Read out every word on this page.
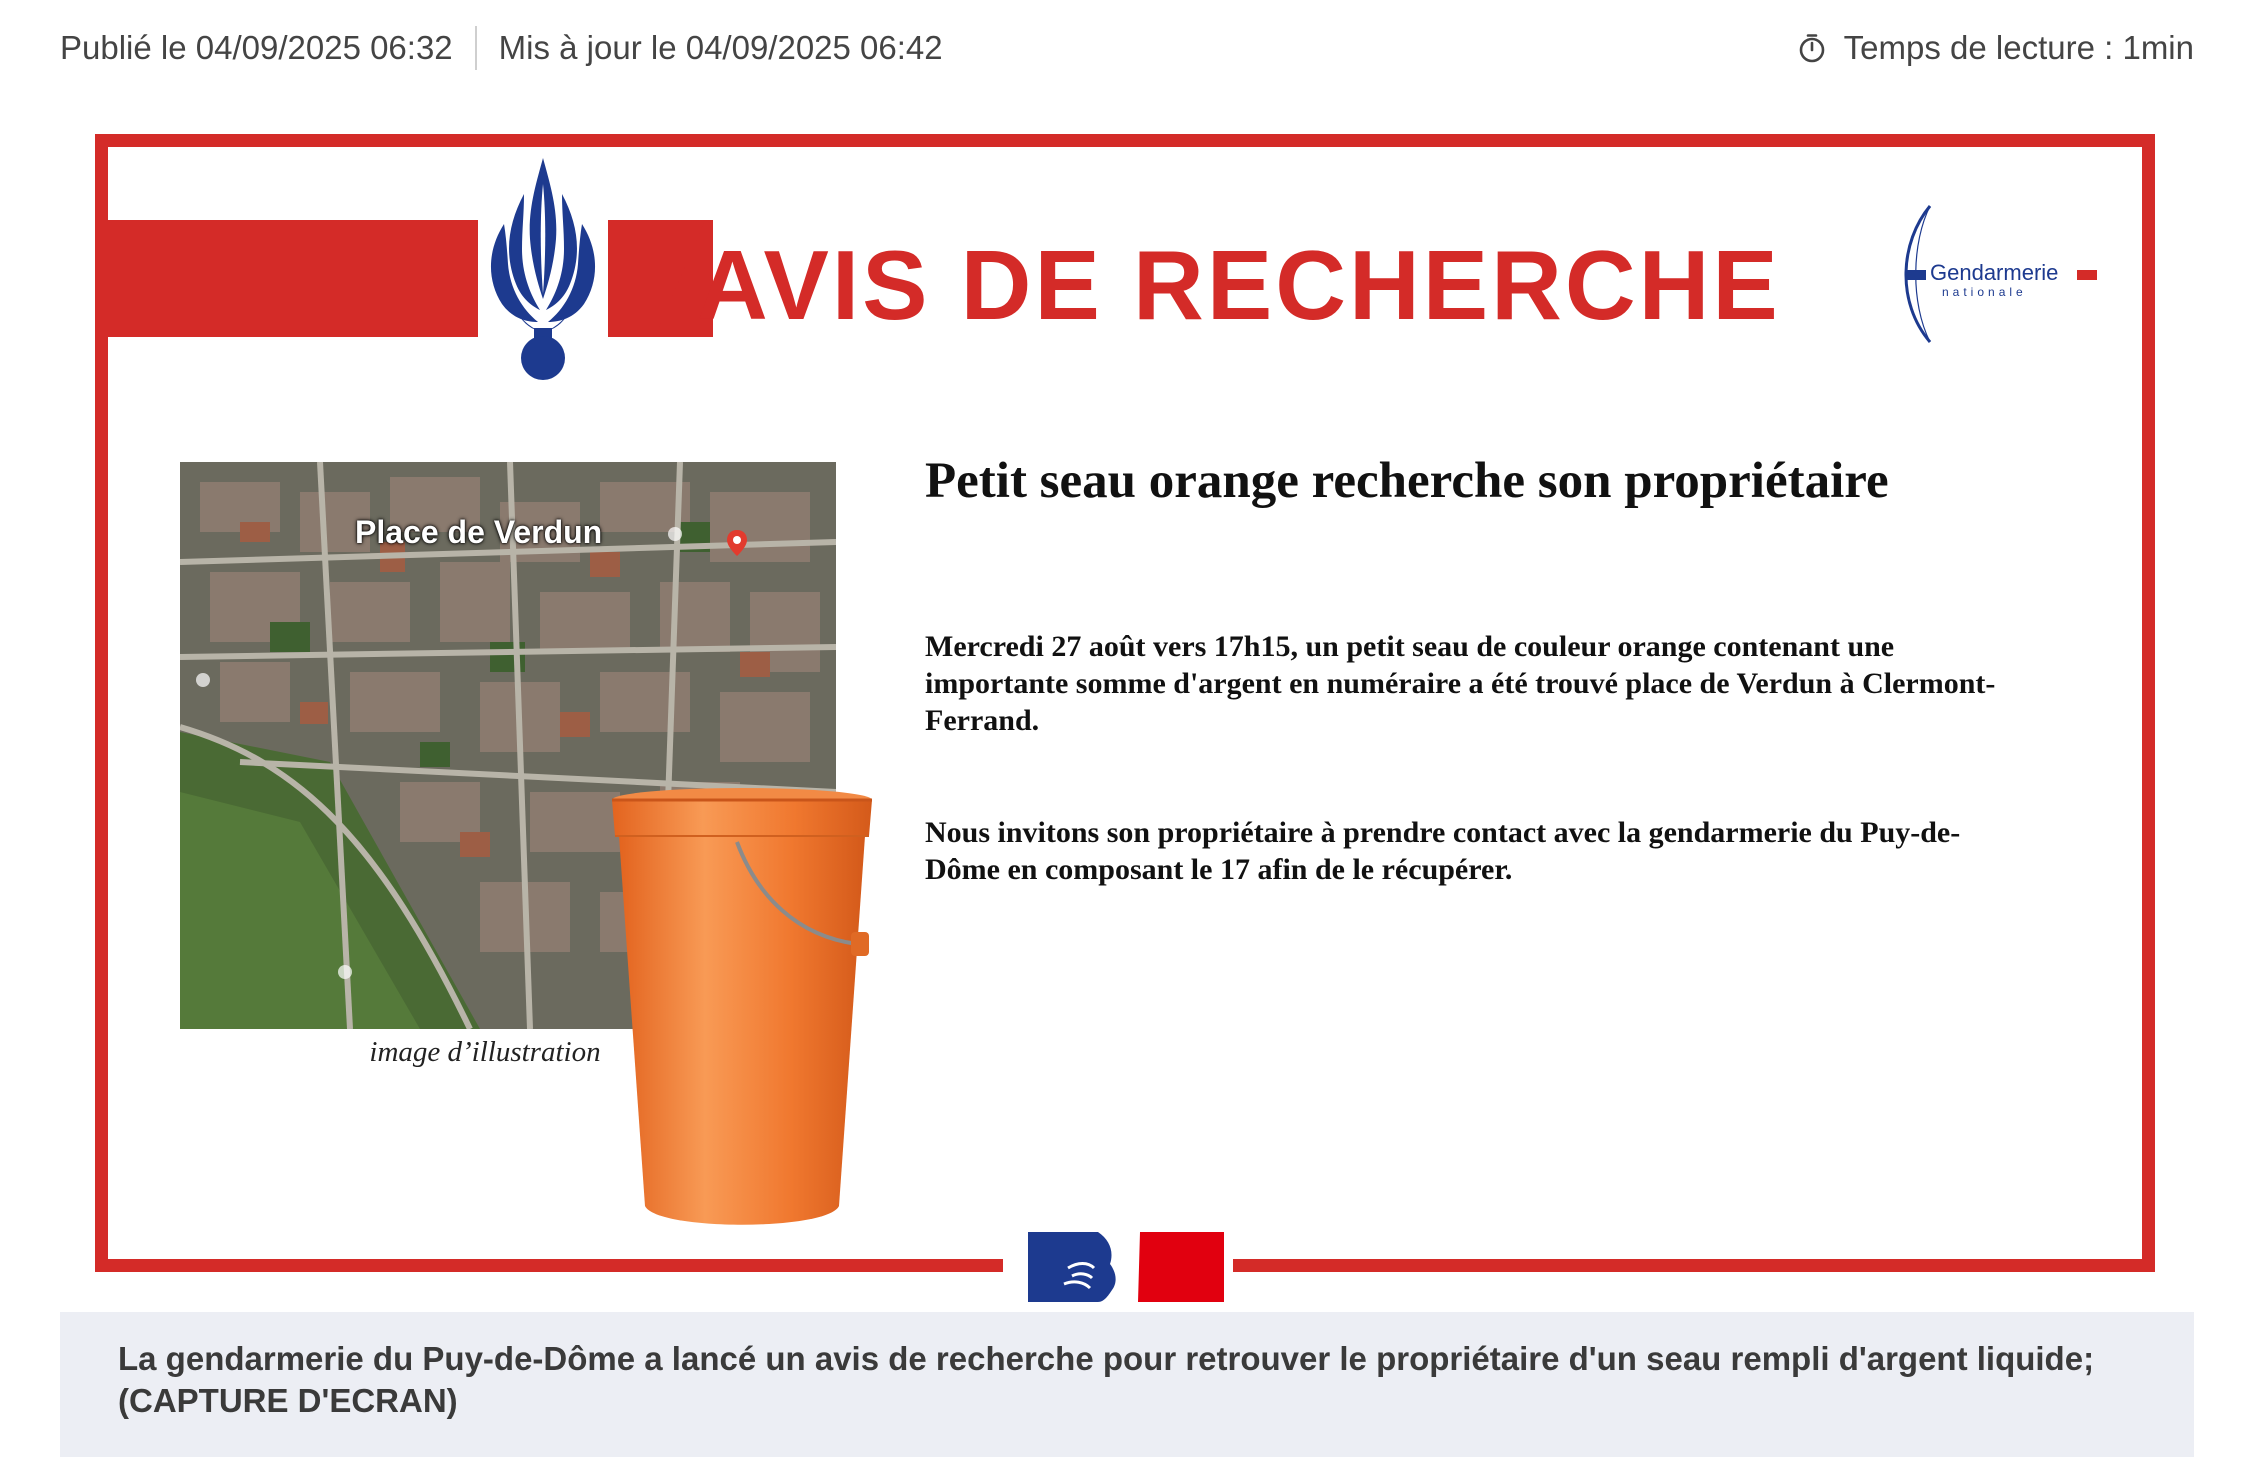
Publié le 04/09/2025 06:32 Mis à jour le 04/09/2025 06:42	Temps de lecture : 1min
AVIS DE RECHERCHE	Gendarmerie
nationale
Place de Verdun
image d’illustration
Petit seau orange recherche son propriétaire

Mercredi 27 août vers 17h15, un petit seau de couleur orange contenant une importante somme d'argent en numéraire a été trouvé place de Verdun à Clermont-Ferrand.

Nous invitons son propriétaire à prendre contact avec la gendarmerie du Puy-de-Dôme en composant le 17 afin de le récupérer.

La gendarmerie du Puy-de-Dôme a lancé un avis de recherche pour retrouver le propriétaire d'un seau rempli d'argent liquide; (CAPTURE D'ECRAN)
